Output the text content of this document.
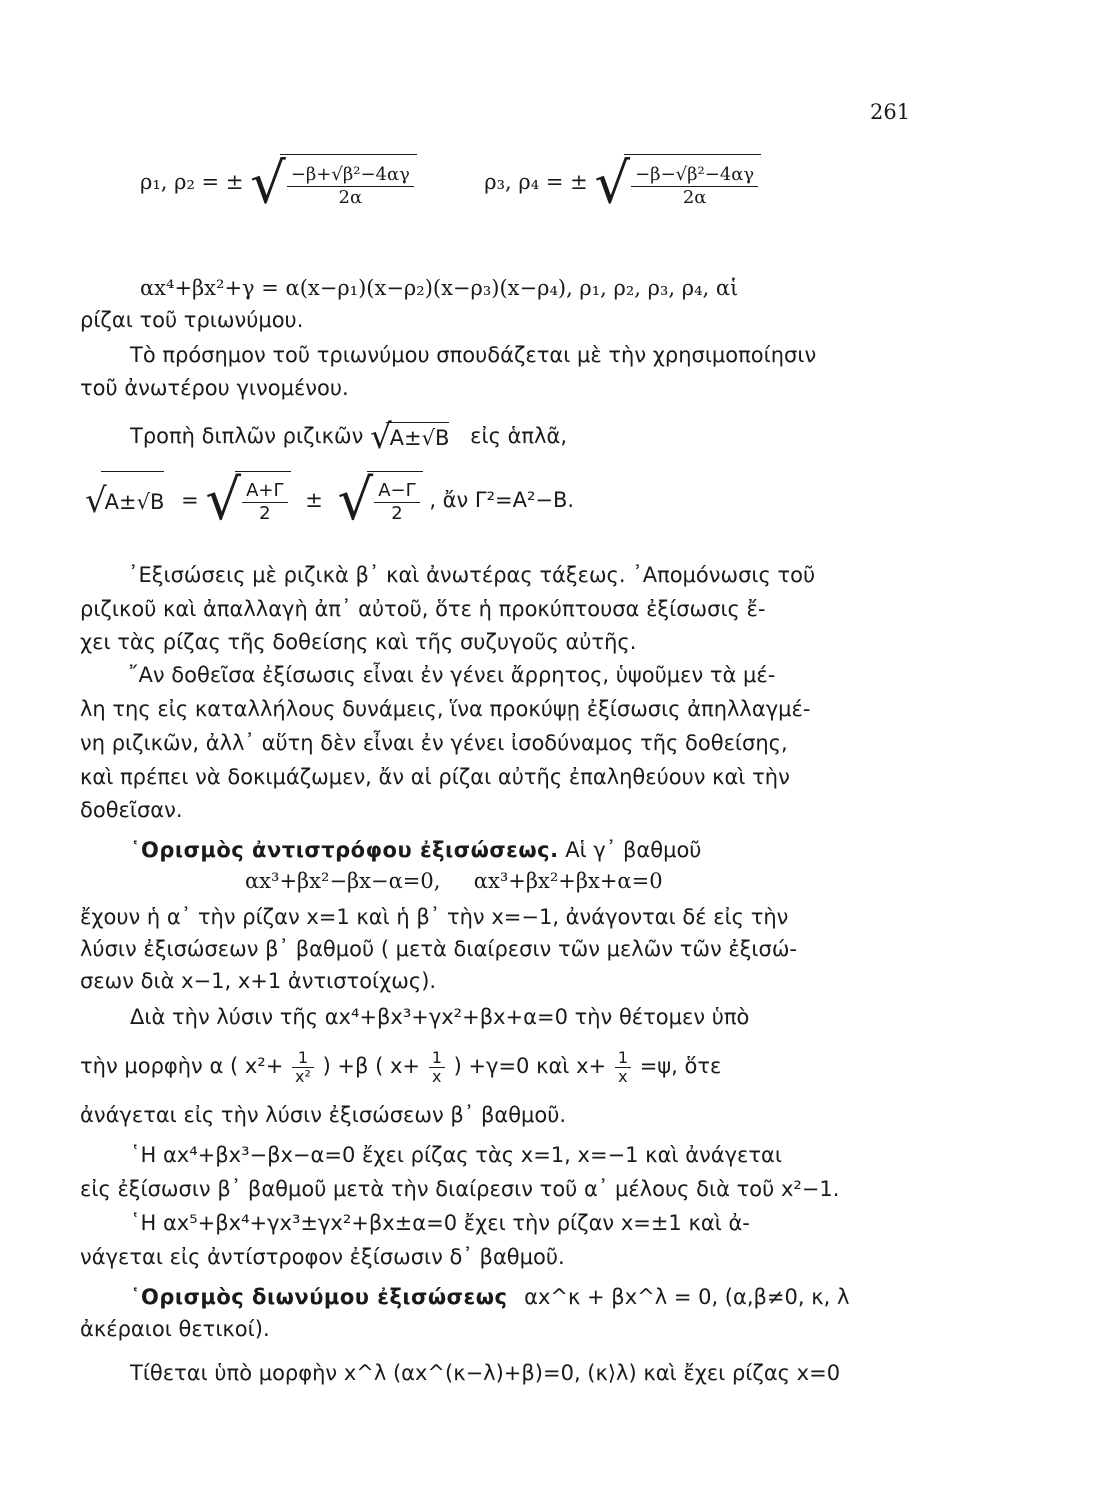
261
ρ₁, ρ₂ = ± √ $\frac{\text{−β+√β²−4αγ}}{2\alpha}$	ρ₃, ρ₄ = ± √ $\frac{\text{−β−√β²−4αγ}}{2\alpha}$
αx⁴+βx²+γ = α(x−ρ₁)(x−ρ₂)(x−ρ₃)(x−ρ₄), ρ₁, ρ₂, ρ₃, ρ₄, αἱ
ρίζαι τοῦ τριωνύμου.
Τὸ πρόσημον τοῦ τριωνύμου σπουδάζεται μὲ τὴν χρησιμοποίησιν
τοῦ ἀνωτέρου γινομένου.
Τροπὴ διπλῶν ριζικῶν √A±√B εἰς ἁπλᾶ,
√A±√B = √ $\frac{A+\Gamma}{2}$ ± √ $\frac{A-\Gamma}{2}$ , ἄν Γ²=A²−B.
᾽Εξισώσεις μὲ ριζικὰ β᾽ καὶ ἀνωτέρας τάξεως. ᾽Απομόνωσις τοῦ
ριζικοῦ καὶ ἀπαλλαγὴ ἀπ᾽ αὐτοῦ, ὅτε ἡ προκύπτουσα ἐξίσωσις ἔ-
χει τὰς ρίζας τῆς δοθείσης καὶ τῆς συζυγοῦς αὐτῆς.
῎Αν δοθεῖσα ἐξίσωσις εἶναι ἐν γένει ἄρρητος, ὑψοῦμεν τὰ μέ-
λη της εἰς καταλλήλους δυνάμεις, ἵνα προκύψῃ ἐξίσωσις ἀπηλλαγμέ-
νη ριζικῶν, ἀλλ᾽ αὕτη δὲν εἶναι ἐν γένει ἰσοδύναμος τῆς δοθείσης,
καὶ πρέπει νὰ δοκιμάζωμεν, ἄν αἱ ρίζαι αὐτῆς ἐπαληθεύουν καὶ τὴν
δοθεῖσαν.
῾Ορισμὸς ἀντιστρόφου ἐξισώσεως. Αἱ γ᾽ βαθμοῦ
αx³+βx²−βx−α=0,     αx³+βx²+βx+α=0
ἔχουν ἡ α᾽ τὴν ρίζαν x=1 καὶ ἡ β᾽ τὴν x=−1, ἀνάγονται δέ εἰς τὴν
λύσιν ἐξισώσεων β᾽ βαθμοῦ ( μετὰ διαίρεσιν τῶν μελῶν τῶν ἐξισώ-
σεων διὰ x−1, x+1 ἀντιστοίχως).
Διὰ τὴν λύσιν τῆς αx⁴+βx³+γx²+βx+α=0 τὴν θέτομεν ὑπὸ
τὴν μορφὴν α ( $x^2+ \frac{1}{\text{x²}}$ ) +β ( $x+ \frac{1}{x}$ ) +γ=0 καὶ $x+ \frac{1}{x} =\psi$, ὅτε
ἀνάγεται εἰς τὴν λύσιν ἐξισώσεων β᾽ βαθμοῦ.
῾Η αx⁴+βx³−βx−α=0 ἔχει ρίζας τὰς x=1, x=−1 καὶ ἀνάγεται
εἰς ἐξίσωσιν β᾽ βαθμοῦ μετὰ τὴν διαίρεσιν τοῦ α᾽ μέλους διὰ τοῦ x²−1.
῾Η αx⁵+βx⁴+γx³±γx²+βx±α=0 ἔχει τὴν ρίζαν x=±1 καὶ ἀ-
νάγεται εἰς ἀντίστροφον ἐξίσωσιν δ᾽ βαθμοῦ.
῾Ορισμὸς διωνύμου ἐξισώσεως αx^κ + βx^λ = 0, (α,β≠0, κ, λ
ἀκέραιοι θετικοί).
Τίθεται ὑπὸ μορφὴν x^λ (αx^(κ−λ)+β)=0, (κ⟩λ) καὶ ἔχει ρίζας x=0
